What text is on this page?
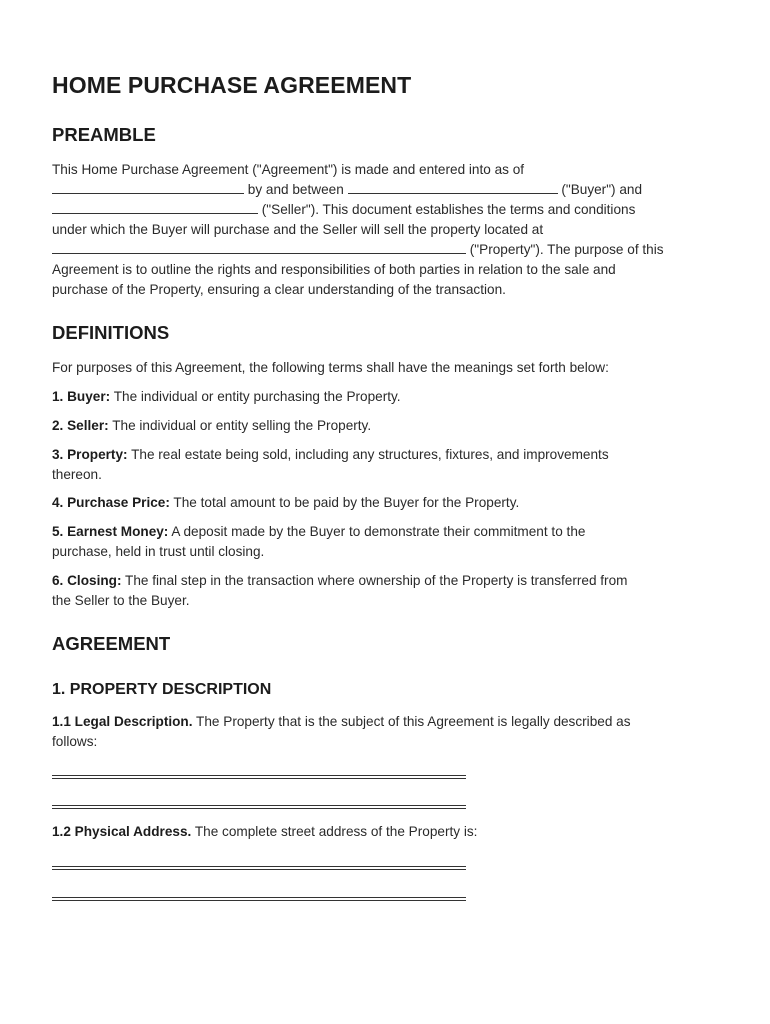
HOME PURCHASE AGREEMENT
PREAMBLE
This Home Purchase Agreement ("Agreement") is made and entered into as of
by and between	("Buyer") and
("Seller"). This document establishes the terms and conditions
under which the Buyer will purchase and the Seller will sell the property located at
("Property"). The purpose of this
Agreement is to outline the rights and responsibilities of both parties in relation to the sale and
purchase of the Property, ensuring a clear understanding of the transaction.
DEFINITIONS
For purposes of this Agreement, the following terms shall have the meanings set forth below:
1. Buyer: The individual or entity purchasing the Property.
2. Seller: The individual or entity selling the Property.
3. Property: The real estate being sold, including any structures, fixtures, and improvements
thereon.
4. Purchase Price: The total amount to be paid by the Buyer for the Property.
5. Earnest Money: A deposit made by the Buyer to demonstrate their commitment to the
purchase, held in trust until closing.
6. Closing: The final step in the transaction where ownership of the Property is transferred from
the Seller to the Buyer.
AGREEMENT
1. PROPERTY DESCRIPTION
1.1 Legal Description. The Property that is the subject of this Agreement is legally described as
follows:
1.2 Physical Address. The complete street address of the Property is:
